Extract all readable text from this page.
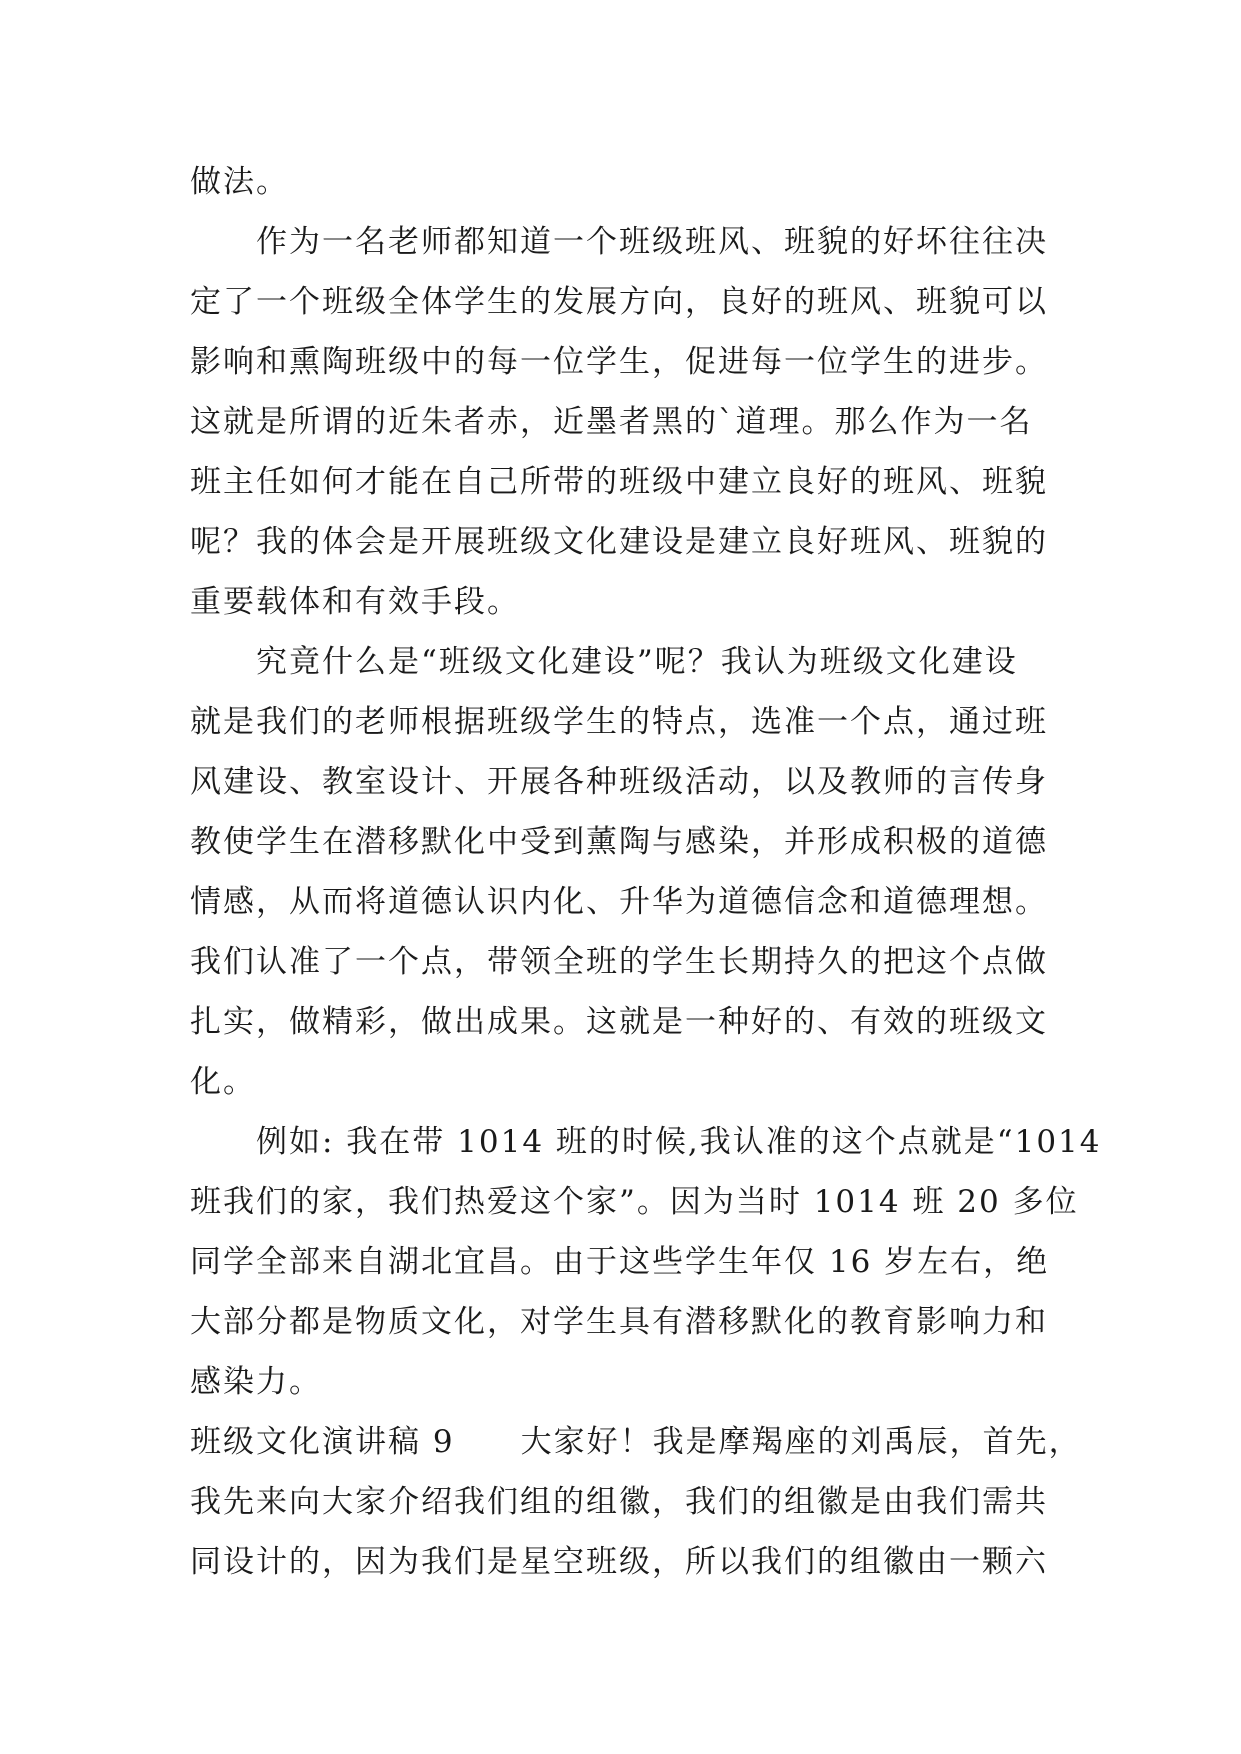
做法。
作为一名老师都知道一个班级班风、班貌的好坏往往决
定了一个班级全体学生的发展方向，良好的班风、班貌可以
影响和熏陶班级中的每一位学生，促进每一位学生的进步。
这就是所谓的近朱者赤，近墨者黑的`道理。那么作为一名
班主任如何才能在自己所带的班级中建立良好的班风、班貌
呢？我的体会是开展班级文化建设是建立良好班风、班貌的
重要载体和有效手段。
究竟什么是“班级文化建设”呢？我认为班级文化建设
就是我们的老师根据班级学生的特点，选准一个点，通过班
风建设、教室设计、开展各种班级活动，以及教师的言传身
教使学生在潜移默化中受到薰陶与感染，并形成积极的道德
情感，从而将道德认识内化、升华为道德信念和道德理想。
我们认准了一个点，带领全班的学生长期持久的把这个点做
扎实，做精彩，做出成果。这就是一种好的、有效的班级文
化。
例如: 我在带 1014 班的时候,我认准的这个点就是“1014
班我们的家，我们热爱这个家”。因为当时 1014 班 20 多位
同学全部来自湖北宜昌。由于这些学生年仅 16 岁左右，绝
大部分都是物质文化，对学生具有潜移默化的教育影响力和
感染力。
班级文化演讲稿 9　　大家好！我是摩羯座的刘禹辰，首先，
我先来向大家介绍我们组的组徽，我们的组徽是由我们需共
同设计的，因为我们是星空班级，所以我们的组徽由一颗六
